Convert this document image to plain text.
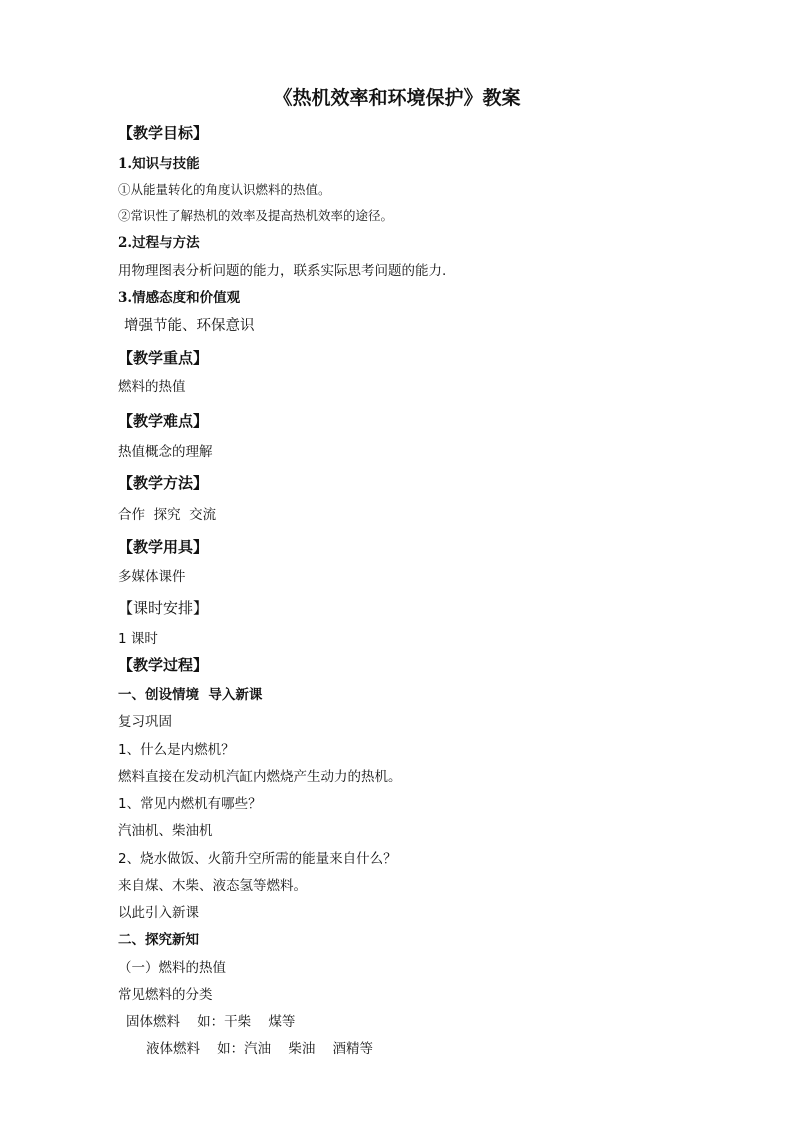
《热机效率和环境保护》教案
【教学目标】
1.知识与技能
①从能量转化的角度认识燃料的热值。
②常识性了解热机的效率及提高热机效率的途径。
2.过程与方法
用物理图表分析问题的能力，联系实际思考问题的能力.
3.情感态度和价值观
增强节能、环保意识
【教学重点】
燃料的热值
【教学难点】
热值概念的理解
【教学方法】
合作  探究  交流
【教学用具】
多媒体课件
【课时安排】
1 课时
【教学过程】
一、创设情境  导入新课
复习巩固
1、什么是内燃机？
燃料直接在发动机汽缸内燃烧产生动力的热机。
1、常见内燃机有哪些？
汽油机、柴油机
2、烧水做饭、火箭升空所需的能量来自什么？
来自煤、木柴、液态氢等燃料。
以此引入新课
二、探究新知
（一）燃料的热值
常见燃料的分类
固体燃料    如：干柴    煤等
液体燃料    如：汽油    柴油    酒精等
